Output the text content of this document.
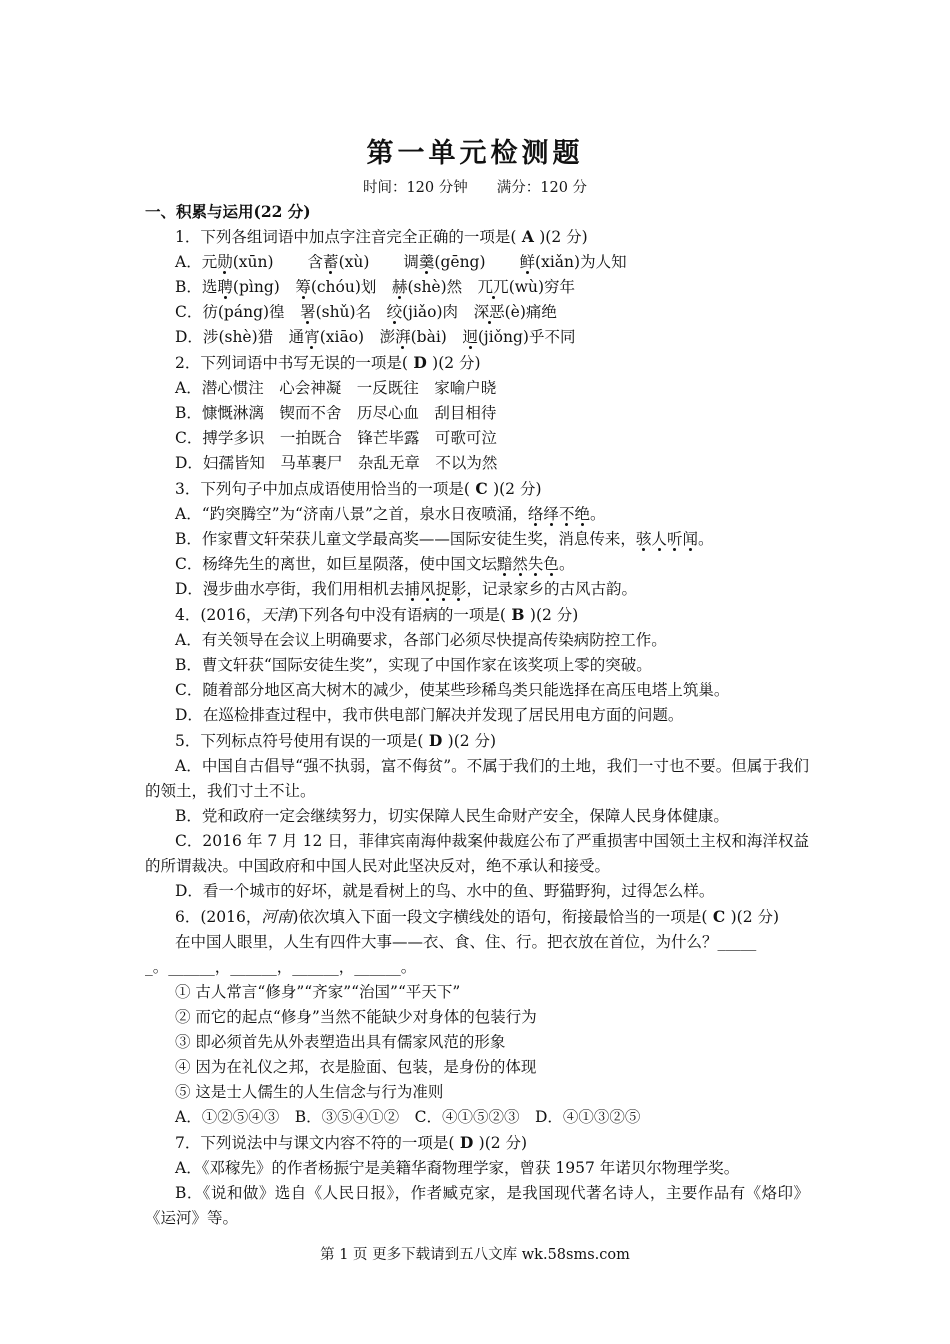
第一单元检测题
时间：120 分钟　　满分：120 分
一、积累与运用(22 分)
1．下列各组词语中加点字注音完全正确的一项是( A )(2 分)
A．元勋(xūn) 含蓄(xù) 调羹(gēng) 鲜(xiǎn)为人知
B．选聘(pìng)　 筹(chóu)划　 赫(shè)然　 兀兀(wù)穷年
C．彷(páng)徨　 署(shǔ)名　 绞(jiǎo)肉　 深恶(è)痛绝
D．涉(shè)猎　 通宵(xiāo)　 澎湃(bài)　 迥(jiǒng)乎不同
2．下列词语中书写无误的一项是( D )(2 分)
A．潜心惯注　心会神凝　一反既往　家喻户晓
B．慷慨淋漓　锲而不舍　历尽心血　刮目相待
C．搏学多识　一拍既合　锋芒毕露　可歌可泣
D．妇孺皆知　马革裹尸　杂乱无章　不以为然
3．下列句子中加点成语使用恰当的一项是( C )(2 分)
A．“趵突腾空”为“济南八景”之首，泉水日夜喷涌，络绎不绝。
B．作家曹文轩荣获儿童文学最高奖——国际安徒生奖，消息传来，骇人听闻。
C．杨绛先生的离世，如巨星陨落，使中国文坛黯然失色。
D．漫步曲水亭街，我们用相机去捕风捉影，记录家乡的古风古韵。
4．(2016，天津)下列各句中没有语病的一项是( B )(2 分)
A．有关领导在会议上明确要求，各部门必须尽快提高传染病防控工作。
B．曹文轩获“国际安徒生奖”，实现了中国作家在该奖项上零的突破。
C．随着部分地区高大树木的减少，使某些珍稀鸟类只能选择在高压电塔上筑巢。
D．在巡检排查过程中，我市供电部门解决并发现了居民用电方面的问题。
5．下列标点符号使用有误的一项是( D )(2 分)
A．中国自古倡导“强不执弱，富不侮贫”。不属于我们的土地，我们一寸也不要。但属于我们的领土，我们寸土不让。
B．党和政府一定会继续努力，切实保障人民生命财产安全，保障人民身体健康。
C．2016 年 7 月 12 日，菲律宾南海仲裁案仲裁庭公布了严重损害中国领土主权和海洋权益的所谓裁决。中国政府和中国人民对此坚决反对，绝不承认和接受。
D．看一个城市的好坏，就是看树上的鸟、水中的鱼、野猫野狗，过得怎么样。
6．(2016，河南)依次填入下面一段文字横线处的语句，衔接最恰当的一项是( C )(2 分)
在中国人眼里，人生有四件大事——衣、食、住、行。把衣放在首位，为什么？_____
_。______，______，______，______。
① 古人常言“修身”“齐家”“治国”“平天下”
② 而它的起点“修身”当然不能缺少对身体的包装行为
③ 即必须首先从外表塑造出具有儒家风范的形象
④ 因为在礼仪之邦，衣是脸面、包装，是身份的体现
⑤ 这是士人儒生的人生信念与行为准则
A．①②⑤④③　B．③⑤④①②　C．④①⑤②③　D．④①③②⑤
7．下列说法中与课文内容不符的一项是( D )(2 分)
A．《邓稼先》的作者杨振宁是美籍华裔物理学家，曾获 1957 年诺贝尔物理学奖。
B．《说和做》选自《人民日报》，作者臧克家，是我国现代著名诗人，主要作品有《烙印》《运河》等。
第 1 页 更多下载请到五八文库 wk.58sms.com
